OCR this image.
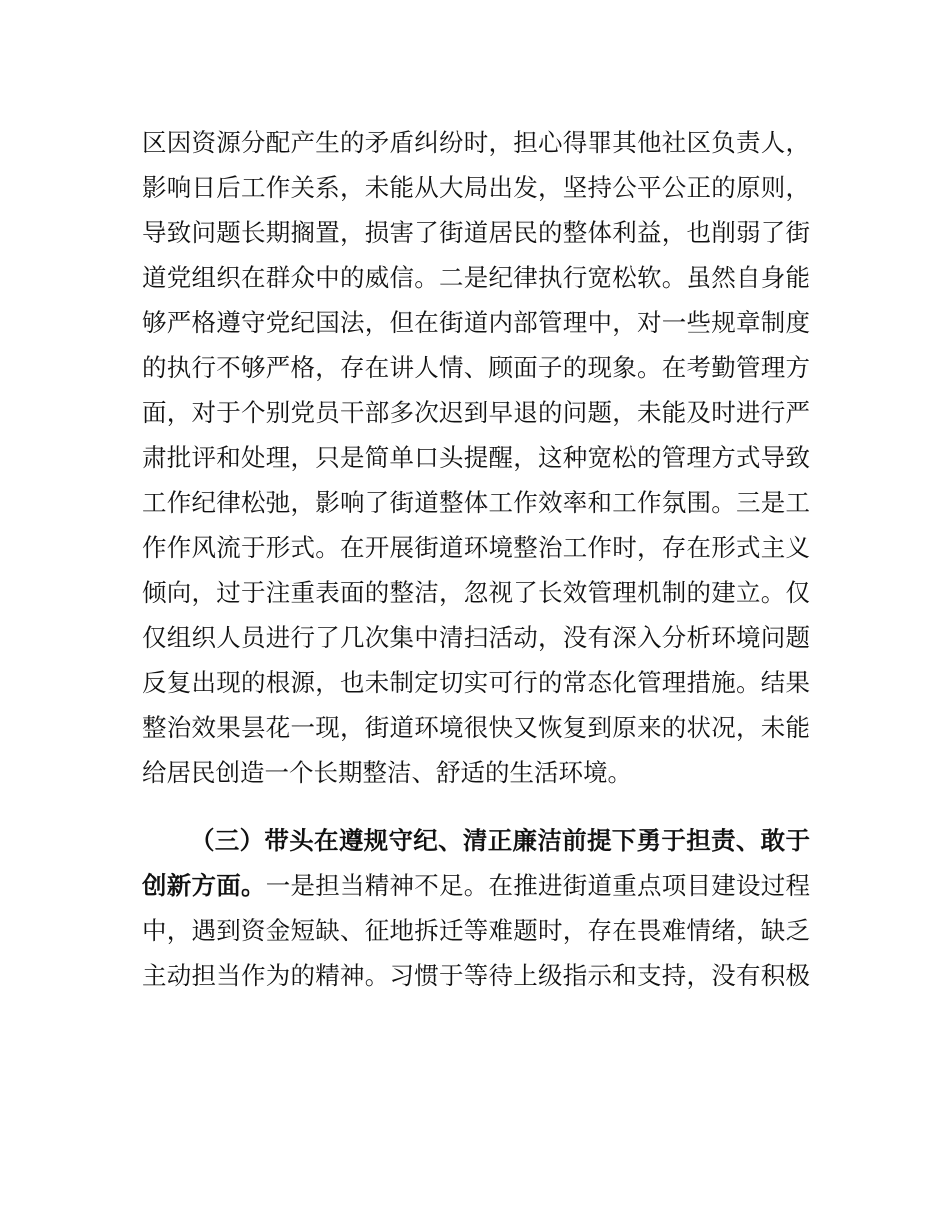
区因资源分配产生的矛盾纠纷时，担心得罪其他社区负责人，
影响日后工作关系，未能从大局出发，坚持公平公正的原则，
导致问题长期搁置，损害了街道居民的整体利益，也削弱了街
道党组织在群众中的威信。二是纪律执行宽松软。虽然自身能
够严格遵守党纪国法，但在街道内部管理中，对一些规章制度
的执行不够严格，存在讲人情、顾面子的现象。在考勤管理方
面，对于个别党员干部多次迟到早退的问题，未能及时进行严
肃批评和处理，只是简单口头提醒，这种宽松的管理方式导致
工作纪律松弛，影响了街道整体工作效率和工作氛围。三是工
作作风流于形式。在开展街道环境整治工作时，存在形式主义
倾向，过于注重表面的整洁，忽视了长效管理机制的建立。仅
仅组织人员进行了几次集中清扫活动，没有深入分析环境问题
反复出现的根源，也未制定切实可行的常态化管理措施。结果
整治效果昙花一现，街道环境很快又恢复到原来的状况，未能
给居民创造一个长期整洁、舒适的生活环境。
（三）带头在遵规守纪、清正廉洁前提下勇于担责、敢于
创新方面。一是担当精神不足。在推进街道重点项目建设过程
中，遇到资金短缺、征地拆迁等难题时，存在畏难情绪，缺乏
主动担当作为的精神。习惯于等待上级指示和支持，没有积极
